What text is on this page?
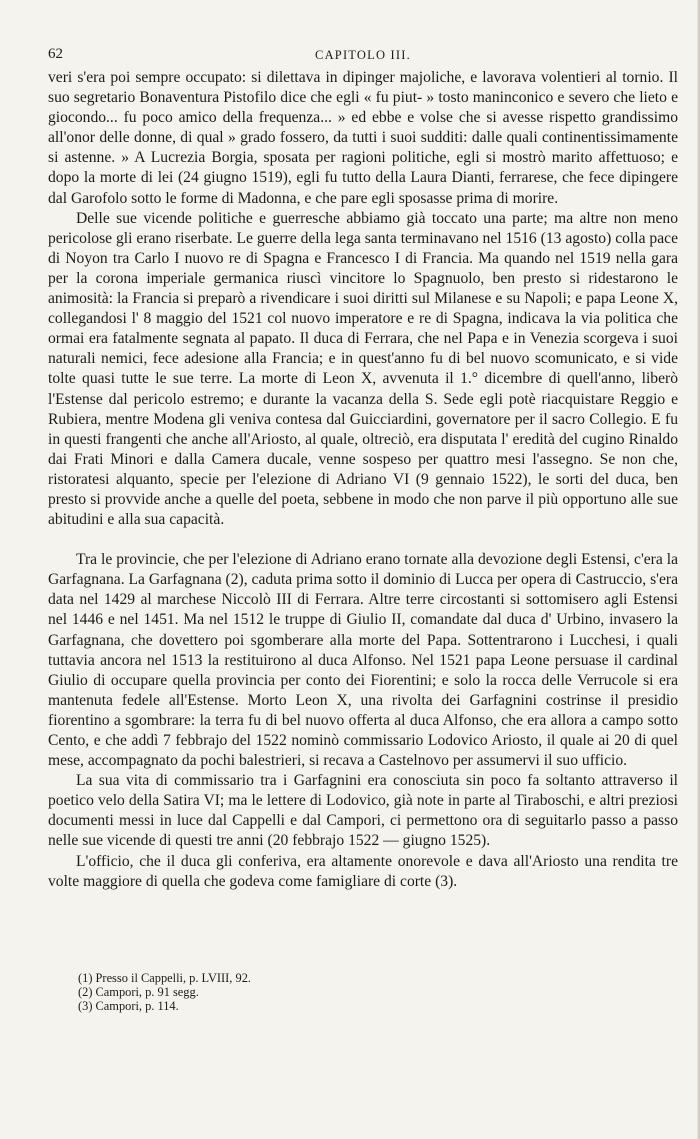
62	CAPITOLO III.

veri s'era poi sempre occupato: si dilettava in dipinger majoliche, e lavorava volentieri al tornio. Il suo segretario Bonaventura Pistofilo dice che egli « fu piut- » tosto maninconico e severo che lieto e giocondo... fu poco amico della frequenza... » ed ebbe e volse che si avesse rispetto grandissimo all'onor delle donne, di qual » grado fossero, da tutti i suoi sudditi: dalle quali continentissimamente si astenne. » A Lucrezia Borgia, sposata per ragioni politiche, egli si mostrò marito affettuoso; e dopo la morte di lei (24 giugno 1519), egli fu tutto della Laura Dianti, ferrarese, che fece dipingere dal Garofolo sotto le forme di Madonna, e che pare egli sposasse prima di morire.

Delle sue vicende politiche e guerresche abbiamo già toccato una parte; ma altre non meno pericolose gli erano riserbate. Le guerre della lega santa terminavano nel 1516 (13 agosto) colla pace di Noyon tra Carlo I nuovo re di Spagna e Francesco I di Francia. Ma quando nel 1519 nella gara per la corona imperiale germanica riuscì vincitore lo Spagnuolo, ben presto si ridestarono le animosità: la Francia si preparò a rivendicare i suoi diritti sul Milanese e su Napoli; e papa Leone X, collegandosi l' 8 maggio del 1521 col nuovo imperatore e re di Spagna, indicava la via politica che ormai era fatalmente segnata al papato. Il duca di Ferrara, che nel Papa e in Venezia scorgeva i suoi naturali nemici, fece adesione alla Francia; e in quest'anno fu di bel nuovo scomunicato, e si vide tolte quasi tutte le sue terre. La morte di Leon X, avvenuta il 1.° dicembre di quell'anno, liberò l'Estense dal pericolo estremo; e durante la vacanza della S. Sede egli potè riacquistare Reggio e Rubiera, mentre Modena gli veniva contesa dal Guicciardini, governatore per il sacro Collegio. E fu in questi frangenti che anche all'Ariosto, al quale, oltreciò, era disputata l' eredità del cugino Rinaldo dai Frati Minori e dalla Camera ducale, venne sospeso per quattro mesi l'assegno. Se non che, ristoratesi alquanto, specie per l'elezione di Adriano VI (9 gennaio 1522), le sorti del duca, ben presto si provvide anche a quelle del poeta, sebbene in modo che non parve il più opportuno alle sue abitudini e alla sua capacità.

Tra le provincie, che per l'elezione di Adriano erano tornate alla devozione degli Estensi, c'era la Garfagnana. La Garfagnana (2), caduta prima sotto il dominio di Lucca per opera di Castruccio, s'era data nel 1429 al marchese Niccolò III di Ferrara. Altre terre circostanti si sottomisero agli Estensi nel 1446 e nel 1451. Ma nel 1512 le truppe di Giulio II, comandate dal duca d' Urbino, invasero la Garfagnana, che dovettero poi sgomberare alla morte del Papa. Sottentrarono i Lucchesi, i quali tuttavia ancora nel 1513 la restituirono al duca Alfonso. Nel 1521 papa Leone persuase il cardinal Giulio di occupare quella provincia per conto dei Fiorentini; e solo la rocca delle Verrucole si era mantenuta fedele all'Estense. Morto Leon X, una rivolta dei Garfagnini costrinse il presidio fiorentino a sgombrare: la terra fu di bel nuovo offerta al duca Alfonso, che era allora a campo sotto Cento, e che addì 7 febbrajo del 1522 nominò commissario Lodovico Ariosto, il quale ai 20 di quel mese, accompagnato da pochi balestrieri, si recava a Castelnovo per assumervi il suo ufficio.

La sua vita di commissario tra i Garfagnini era conosciuta sin poco fa soltanto attraverso il poetico velo della Satira VI; ma le lettere di Lodovico, già note in parte al Tiraboschi, e altri preziosi documenti messi in luce dal Cappelli e dal Campori, ci permettono ora di seguitarlo passo a passo nelle sue vicende di questi tre anni (20 febbrajo 1522 — giugno 1525).

L'officio, che il duca gli conferiva, era altamente onorevole e dava all'Ariosto una rendita tre volte maggiore di quella che godeva come famigliare di corte (3).

(1) Presso il Cappelli, p. LVIII, 92.

(2) Campori, p. 91 segg.

(3) Campori, p. 114.
